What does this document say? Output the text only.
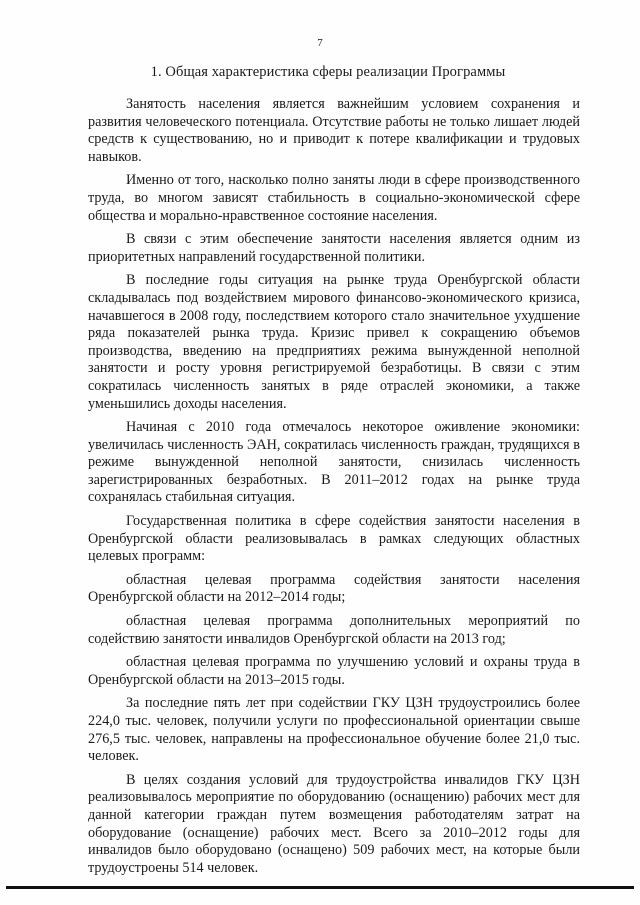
7
1. Общая характеристика сферы реализации Программы

Занятость населения является важнейшим условием сохранения и развития человеческого потенциала. Отсутствие работы не только лишает людей средств к существованию, но и приводит к потере квалификации и трудовых навыков.

Именно от того, насколько полно заняты люди в сфере производственного труда, во многом зависят стабильность в социально-экономической сфере общества и морально-нравственное состояние населения.

В связи с этим обеспечение занятости населения является одним из приоритетных направлений государственной политики.

В последние годы ситуация на рынке труда Оренбургской области складывалась под воздействием мирового финансово-экономического кризиса, начавшегося в 2008 году, последствием которого стало значительное ухудшение ряда показателей рынка труда. Кризис привел к сокращению объемов производства, введению на предприятиях режима вынужденной неполной занятости и росту уровня регистрируемой безработицы. В связи с этим сократилась численность занятых в ряде отраслей экономики, а также уменьшились доходы населения.

Начиная с 2010 года отмечалось некоторое оживление экономики: увеличилась численность ЭАН, сократилась численность граждан, трудящихся в режиме вынужденной неполной занятости, снизилась численность зарегистрированных безработных. В 2011–2012 годах на рынке труда сохранялась стабильная ситуация.

Государственная политика в сфере содействия занятости населения в Оренбургской области реализовывалась в рамках следующих областных целевых программ:

областная целевая программа содействия занятости населения Оренбургской области на 2012–2014 годы;

областная целевая программа дополнительных мероприятий по содействию занятости инвалидов Оренбургской области на 2013 год;

областная целевая программа по улучшению условий и охраны труда в Оренбургской области на 2013–2015 годы.

За последние пять лет при содействии ГКУ ЦЗН трудоустроились более 224,0 тыс. человек, получили услуги по профессиональной ориентации свыше 276,5 тыс. человек, направлены на профессиональное обучение более 21,0 тыс. человек.

В целях создания условий для трудоустройства инвалидов ГКУ ЦЗН реализовывалось мероприятие по оборудованию (оснащению) рабочих мест для данной категории граждан путем возмещения работодателям затрат на оборудование (оснащение) рабочих мест. Всего за 2010–2012 годы для инвалидов было оборудовано (оснащено) 509 рабочих мест, на которые были трудоустроены 514 человек.
